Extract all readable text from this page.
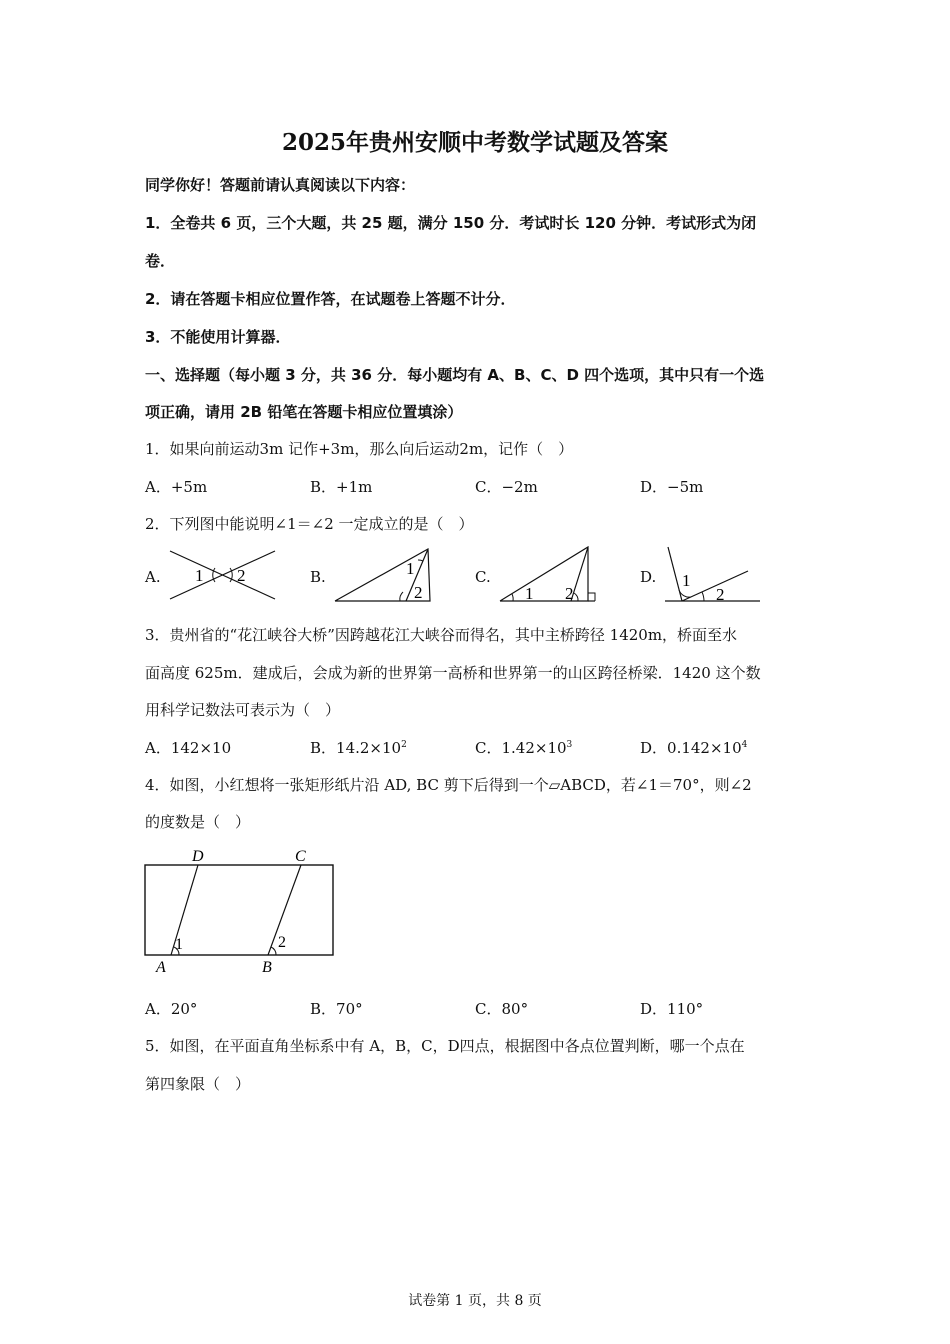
2025年贵州安顺中考数学试题及答案
同学你好！答题前请认真阅读以下内容：
1．全卷共 6 页，三个大题，共 25 题，满分 150 分．考试时长 120 分钟．考试形式为闭
卷．
2．请在答题卡相应位置作答，在试题卷上答题不计分．
3．不能使用计算器．
一、选择题（每小题 3 分，共 36 分．每小题均有 A、B、C、D 四个选项，其中只有一个选
项正确，请用 2B 铅笔在答题卡相应位置填涂）
1．如果向前运动3m 记作+3m，那么向后运动2m，记作（　）
A．+5m	B．+1m	C．−2m	D．−5m
2．下列图中能说明∠1＝∠2 一定成立的是（　）
A.	B.	C.	D.
1 2	1
2	1 2
1
2
3．贵州省的“花江峡谷大桥”因跨越花江大峡谷而得名，其中主桥跨径 1420m，桥面至水
面高度 625m．建成后，会成为新的世界第一高桥和世界第一的山区跨径桥梁．1420 这个数
用科学记数法可表示为（　）
A．142×10	B．$14.2\times 10^2$	C．$1.42\times 10^3$	D．$0.142\times 10^4$
4．如图，小红想将一张矩形纸片沿 AD, BC 剪下后得到一个▱ABCD，若∠1＝70°，则∠2
的度数是（　）
D	C
A	B
1	2
A．20°	B．70°	C．80°	D．110°
5．如图，在平面直角坐标系中有 A，B，C，D四点，根据图中各点位置判断，哪一个点在
第四象限（　）
试卷第 1 页，共 8 页
